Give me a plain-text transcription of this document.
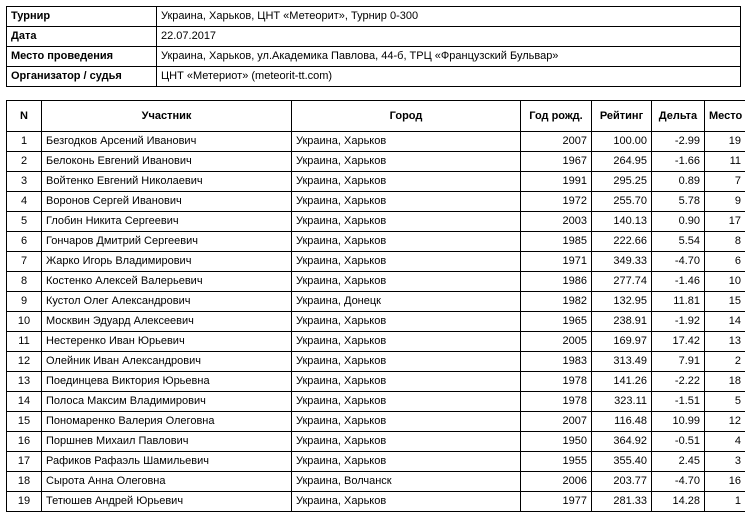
Турнир	Украина, Харьков, ЦНТ «Метеорит», Турнир 0-300
Дата	22.07.2017
Место проведения	Украина, Харьков, ул.Академика Павлова, 44-б, ТРЦ «Французский Бульвар»
Организатор / судья	ЦНТ «Метериот» (meteorit-tt.com)
N	Участник	Город	Год рожд.	Рейтинг	Дельта	Место
1	Безгодков Арсений Иванович	Украина, Харьков	2007	100.00	-2.99	19
2	Белоконь Евгений Иванович	Украина, Харьков	1967	264.95	-1.66	11
3	Войтенко Евгений Николаевич	Украина, Харьков	1991	295.25	0.89	7
4	Воронов Сергей Иванович	Украина, Харьков	1972	255.70	5.78	9
5	Глобин Никита Сергеевич	Украина, Харьков	2003	140.13	0.90	17
6	Гончаров Дмитрий Сергеевич	Украина, Харьков	1985	222.66	5.54	8
7	Жарко Игорь Владимирович	Украина, Харьков	1971	349.33	-4.70	6
8	Костенко Алексей Валерьевич	Украина, Харьков	1986	277.74	-1.46	10
9	Кустол Олег Александрович	Украина, Донецк	1982	132.95	11.81	15
10	Москвин Эдуард Алексеевич	Украина, Харьков	1965	238.91	-1.92	14
11	Нестеренко Иван Юрьевич	Украина, Харьков	2005	169.97	17.42	13
12	Олейник Иван Александрович	Украина, Харьков	1983	313.49	7.91	2
13	Поединцева Виктория Юрьевна	Украина, Харьков	1978	141.26	-2.22	18
14	Полоса Максим Владимирович	Украина, Харьков	1978	323.11	-1.51	5
15	Пономаренко Валерия Олеговна	Украина, Харьков	2007	116.48	10.99	12
16	Поршнев Михаил Павлович	Украина, Харьков	1950	364.92	-0.51	4
17	Рафиков Рафаэль Шамильевич	Украина, Харьков	1955	355.40	2.45	3
18	Сырота Анна Олеговна	Украина, Волчанск	2006	203.77	-4.70	16
19	Тетюшев Андрей Юрьевич	Украина, Харьков	1977	281.33	14.28	1
